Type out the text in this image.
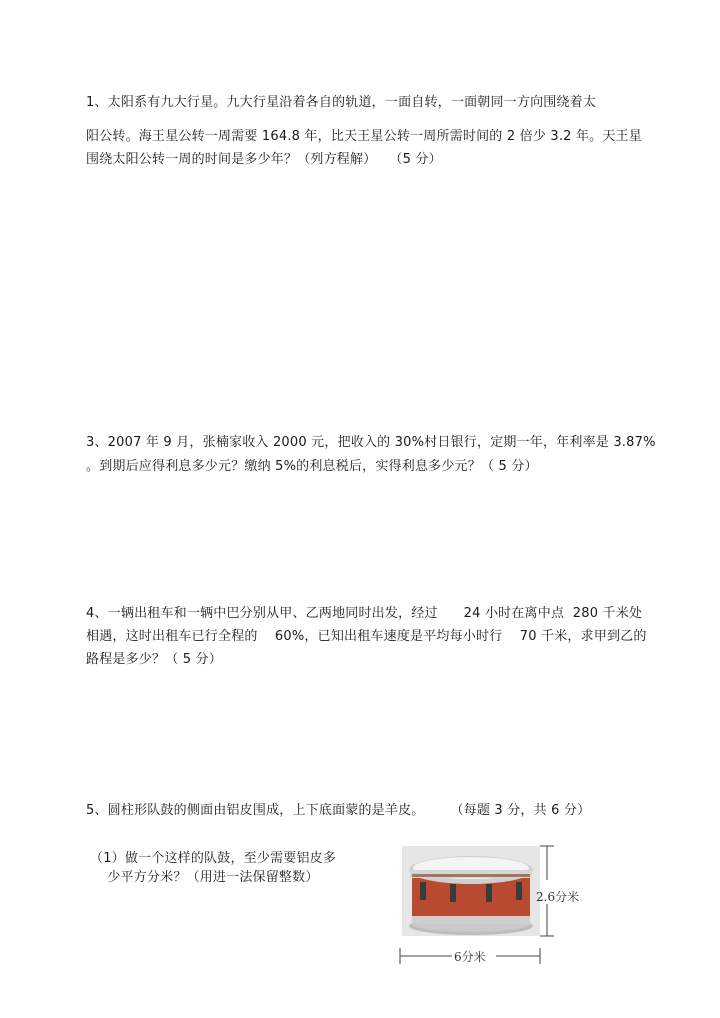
1、太阳系有九大行星。九大行星沿着各自的轨道，一面自转，一面朝同一方向围绕着太
阳公转。海王星公转一周需要 164.8 年，比天王星公转一周所需时间的 2 倍少 3.2 年。天王星
围绕太阳公转一周的时间是多少年？（列方程解）   （5 分）
3、2007 年 9 月，张楠家收入 2000 元，把收入的 30%村日银行，定期一年，年利率是 3.87%
。到期后应得利息多少元？缴纳 5%的利息税后，实得利息多少元？（ 5 分）
4、一辆出租车和一辆中巴分别从甲、乙两地同时出发，经过      24 小时在离中点  280 千米处
相遇，这时出租车已行全程的    60%，已知出租车速度是平均每小时行    70 千米，求甲到乙的
路程是多少？（ 5 分）
5、圆柱形队鼓的侧面由铝皮围成，上下底面蒙的是羊皮。      （每题 3 分，共 6 分）
（1）做一个这样的队鼓，至少需要铝皮多
少平方分米？（用进一法保留整数）
2.6分米
6分米
